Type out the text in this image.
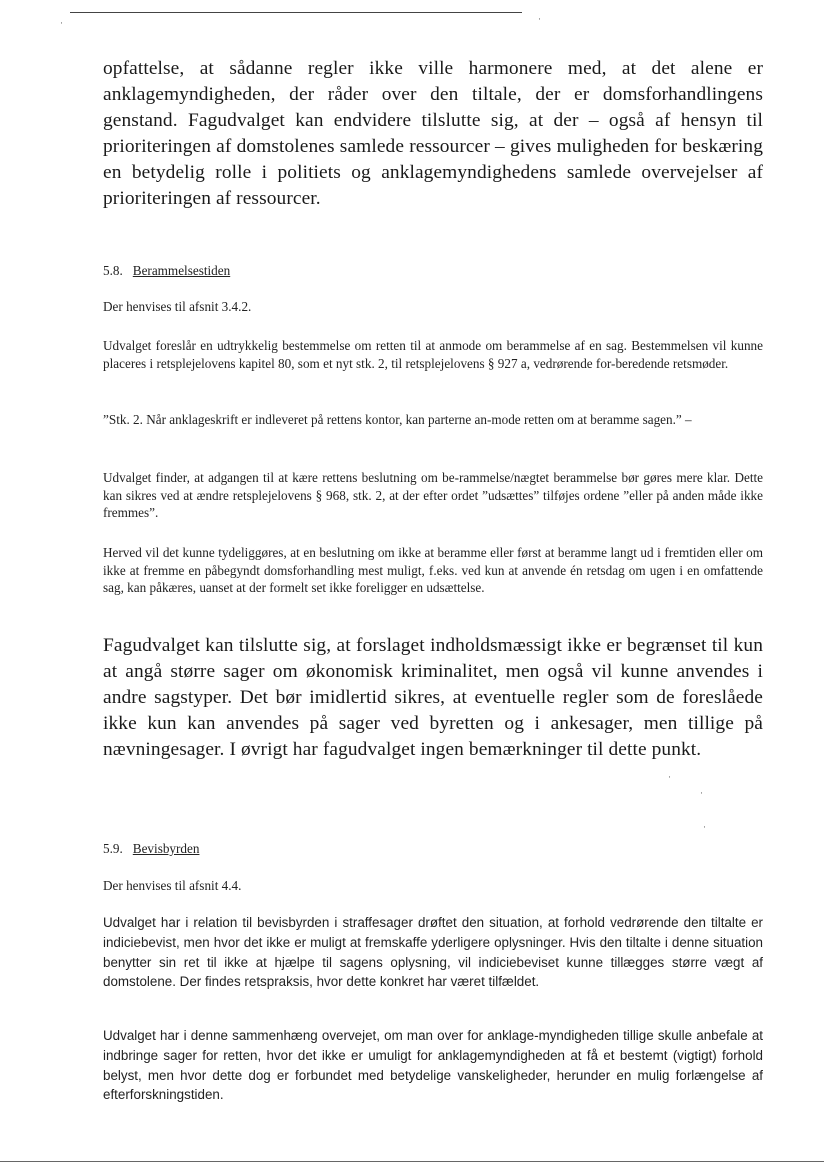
·	·
opfattelse, at sådanne regler ikke ville harmonere med, at det alene er anklagemyndigheden, der råder over den tiltale, der er domsforhandlingens genstand. Fagudvalget kan endvidere tilslutte sig, at der – også af hensyn til prioriteringen af domstolenes samlede ressourcer – gives muligheden for beskæring en betydelig rolle i politiets og anklagemyndighedens samlede overvejelser af prioriteringen af ressourcer.
5.8. Berammelsestiden
Der henvises til afsnit 3.4.2.
Udvalget foreslår en udtrykkelig bestemmelse om retten til at anmode om berammelse af en sag. Bestemmelsen vil kunne placeres i retsplejelovens kapitel 80, som et nyt stk. 2, til retsplejelovens § 927 a, vedrørende for-beredende retsmøder.
”Stk. 2. Når anklageskrift er indleveret på rettens kontor, kan parterne an-mode retten om at beramme sagen.” –
Udvalget finder, at adgangen til at kære rettens beslutning om be-rammelse/nægtet berammelse bør gøres mere klar. Dette kan sikres ved at ændre retsplejelovens § 968, stk. 2, at der efter ordet ”udsættes” tilføjes ordene ”eller på anden måde ikke fremmes”.
Herved vil det kunne tydeliggøres, at en beslutning om ikke at beramme eller først at beramme langt ud i fremtiden eller om ikke at fremme en påbegyndt domsforhandling mest muligt, f.eks. ved kun at anvende én retsdag om ugen i en omfattende sag, kan påkæres, uanset at der formelt set ikke foreligger en udsættelse.
Fagudvalget kan tilslutte sig, at forslaget indholdsmæssigt ikke er begrænset til kun at angå større sager om økonomisk kriminalitet, men også vil kunne anvendes i andre sagstyper. Det bør imidlertid sikres, at eventuelle regler som de foreslåede ikke kun kan anvendes på sager ved byretten og i ankesager, men tillige på nævningesager. I øvrigt har fagudvalget ingen bemærkninger til dette punkt.
5.9. Bevisbyrden
Der henvises til afsnit 4.4.
Udvalget har i relation til bevisbyrden i straffesager drøftet den situation, at forhold vedrørende den tiltalte er indiciebevist, men hvor det ikke er muligt at fremskaffe yderligere oplysninger. Hvis den tiltalte i denne situation benytter sin ret til ikke at hjælpe til sagens oplysning, vil indiciebeviset kunne tillægges større vægt af domstolene. Der findes retspraksis, hvor dette konkret har været tilfældet.
Udvalget har i denne sammenhæng overvejet, om man over for anklage-myndigheden tillige skulle anbefale at indbringe sager for retten, hvor det ikke er umuligt for anklagemyndigheden at få et bestemt (vigtigt) forhold belyst, men hvor dette dog er forbundet med betydelige vanskeligheder, herunder en mulig forlængelse af efterforskningstiden.
·
·
·
